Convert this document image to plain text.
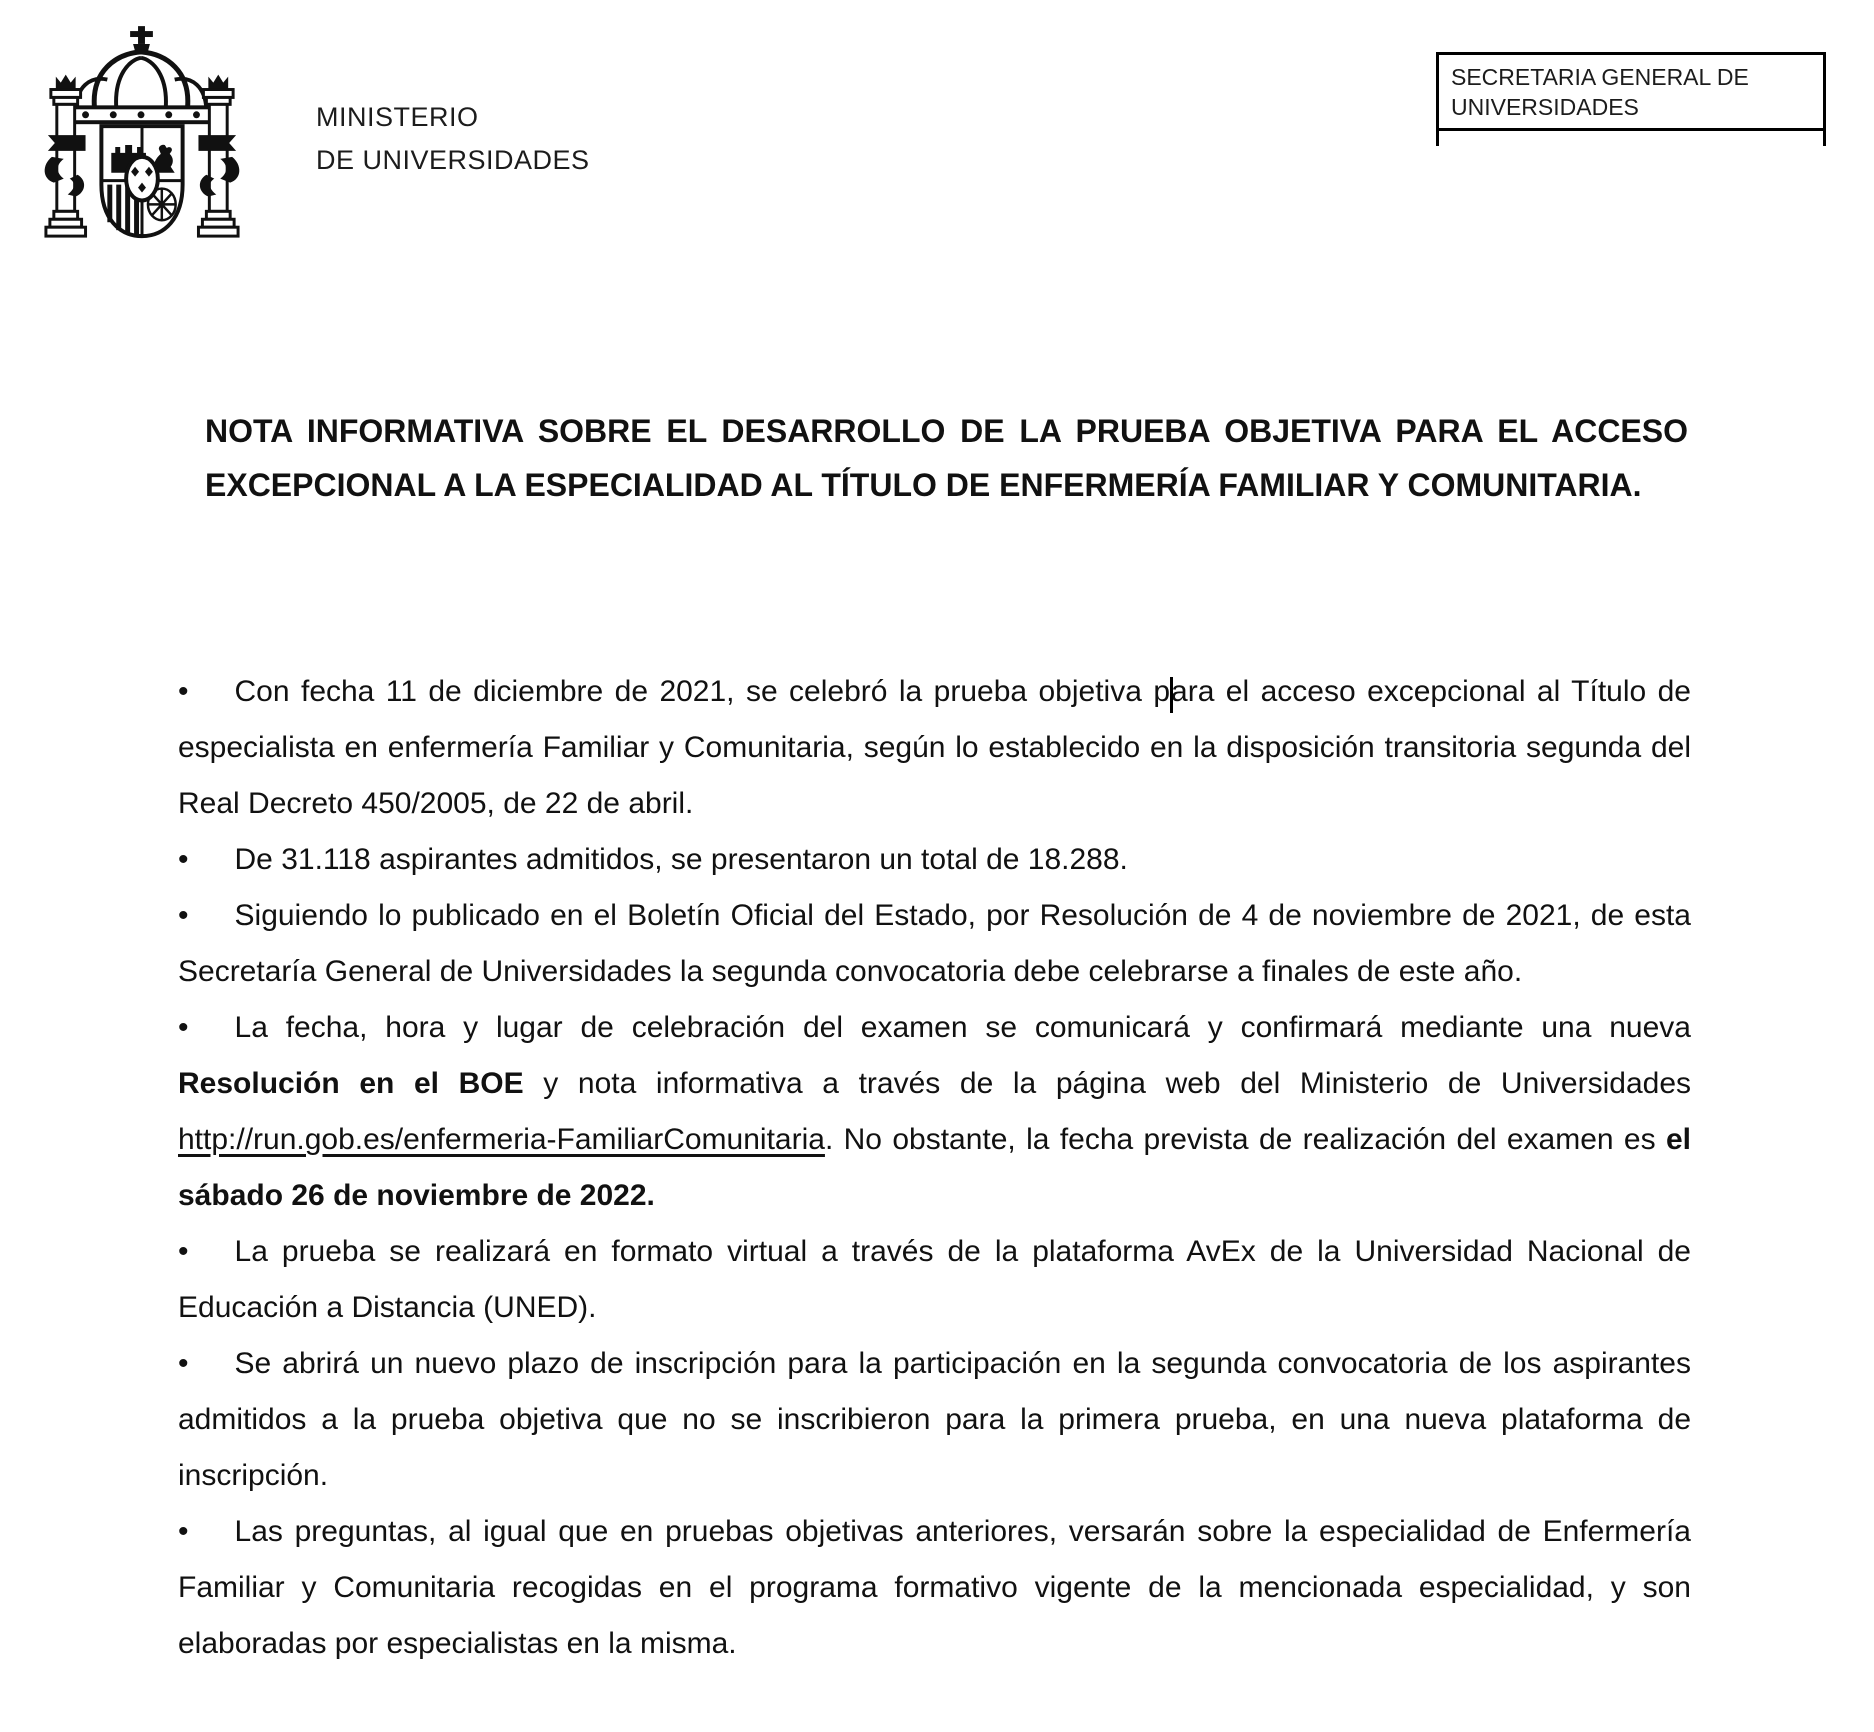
MINISTERIO
DE UNIVERSIDADES
SECRETARIA GENERAL DE
UNIVERSIDADES
NOTA INFORMATIVA SOBRE EL DESARROLLO DE LA PRUEBA OBJETIVA PARA EL ACCESO EXCEPCIONAL A LA ESPECIALIDAD AL TÍTULO DE ENFERMERÍA FAMILIAR Y COMUNITARIA.
• Con fecha 11 de diciembre de 2021, se celebró la prueba objetiva para el acceso excepcional al Título de especialista en enfermería Familiar y Comunitaria, según lo establecido en la disposición transitoria segunda del Real Decreto 450/2005, de 22 de abril.
• De 31.118 aspirantes admitidos, se presentaron un total de 18.288.
• Siguiendo lo publicado en el Boletín Oficial del Estado, por Resolución de 4 de noviembre de 2021, de esta Secretaría General de Universidades la segunda convocatoria debe celebrarse a finales de este año.
• La fecha, hora y lugar de celebración del examen se comunicará y confirmará mediante una nueva Resolución en el BOE y nota informativa a través de la página web del Ministerio de Universidades http://run.gob.es/enfermeria-FamiliarComunitaria. No obstante, la fecha prevista de realización del examen es el sábado 26 de noviembre de 2022.
• La prueba se realizará en formato virtual a través de la plataforma AvEx de la Universidad Nacional de Educación a Distancia (UNED).
• Se abrirá un nuevo plazo de inscripción para la participación en la segunda convocatoria de los aspirantes admitidos a la prueba objetiva que no se inscribieron para la primera prueba, en una nueva plataforma de inscripción.
• Las preguntas, al igual que en pruebas objetivas anteriores, versarán sobre la especialidad de Enfermería Familiar y Comunitaria recogidas en el programa formativo vigente de la mencionada especialidad, y son elaboradas por especialistas en la misma.
